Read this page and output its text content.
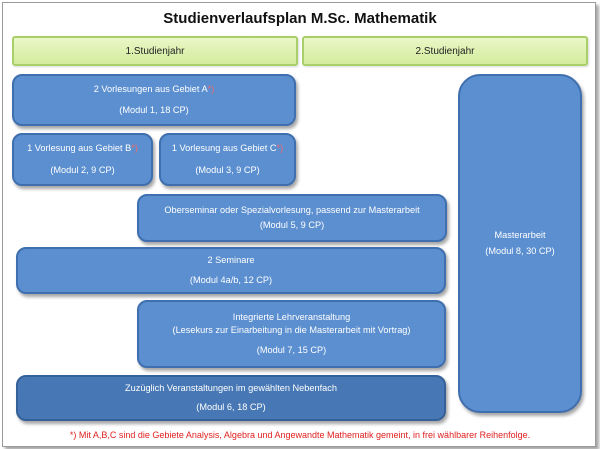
Studienverlaufsplan M.Sc. Mathematik
1.Studienjahr	2.Studienjahr
2 Vorlesungen aus Gebiet A*)
(Modul 1, 18 CP)
1 Vorlesung aus Gebiet B*)
(Modul 2, 9 CP)
1 Vorlesung aus Gebiet C*)
(Modul 3, 9 CP)
Oberseminar oder Spezialvorlesung, passend zur Masterarbeit
(Modul 5, 9 CP)
2 Seminare
(Modul 4a/b, 12 CP)
Integrierte Lehrveranstaltung
(Lesekurs zur Einarbeitung in die Masterarbeit mit Vortrag)
(Modul 7, 15 CP)
Zuzüglich Veranstaltungen im gewählten Nebenfach
(Modul 6, 18 CP)
Masterarbeit
(Modul 8, 30 CP)
*) Mit A,B,C sind die Gebiete Analysis, Algebra und Angewandte Mathematik gemeint, in frei wählbarer Reihenfolge.
